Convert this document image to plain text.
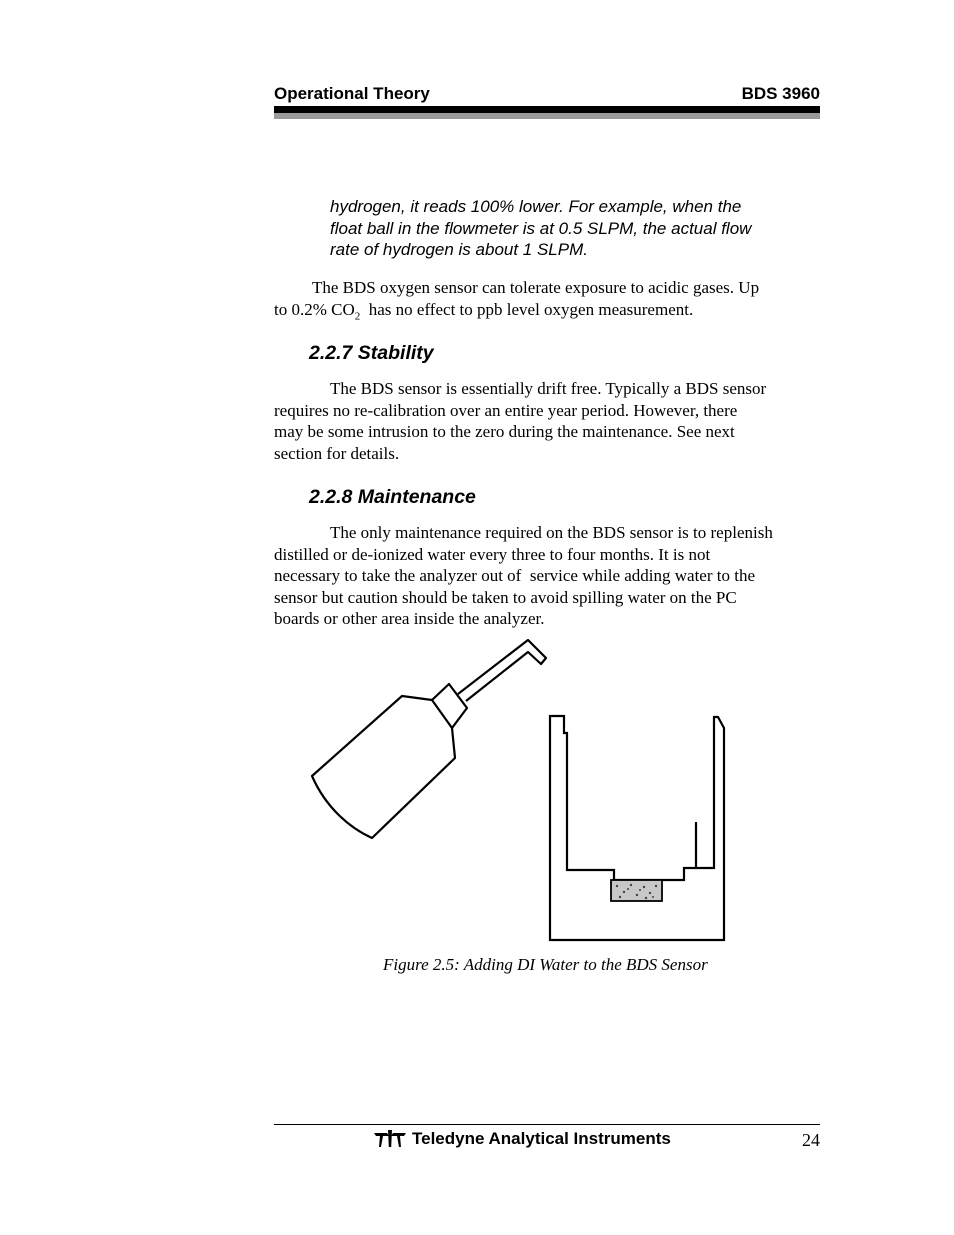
Operational Theory	BDS 3960
hydrogen, it reads 100% lower. For example, when the
float ball in the flowmeter is at 0.5 SLPM, the actual flow
rate of hydrogen is about 1 SLPM.
The BDS oxygen sensor can tolerate exposure to acidic gases. Up
to 0.2% $CO_2$  has no effect to ppb level oxygen measurement.
2.2.7 Stability
The BDS sensor is essentially drift free. Typically a BDS sensor
requires no re-calibration over an entire year period. However, there
may be some intrusion to the zero during the maintenance. See next
section for details.
2.2.8 Maintenance
The only maintenance required on the BDS sensor is to replenish
distilled or de-ionized water every three to four months. It is not
necessary to take the analyzer out of  service while adding water to the
sensor but caution should be taken to avoid spilling water on the PC
boards or other area inside the analyzer.
Figure 2.5: Adding DI Water to the BDS Sensor
Teledyne Analytical Instruments	24
